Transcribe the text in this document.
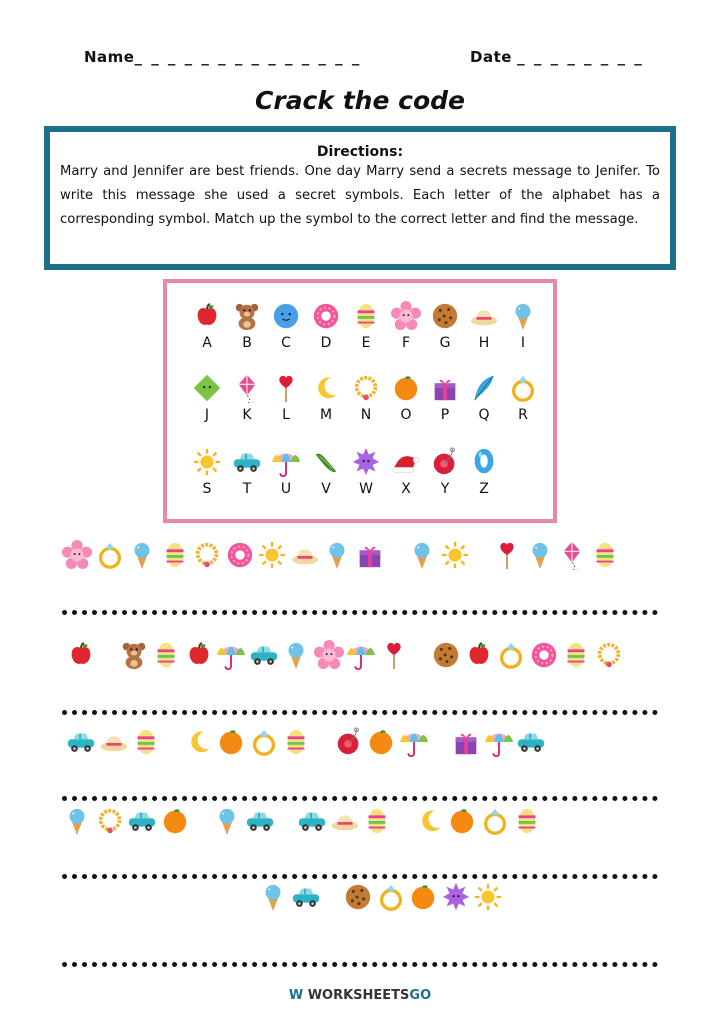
Name_ _ _ _ _ _ _ _ _ _ _ _ _ _	Date _ _ _ _ _ _ _ _
Crack the code
Directions:
Marry and Jennifer are best friends. One day Marry send a secrets message to Jenifer. To write this message she used a secret symbols. Each letter of the alphabet has a corresponding symbol. Match up the symbol to the correct letter and find the message.
A	B	C	D	E	F	G	H	I
J	K	L	M	N	O	P	Q	R
S	T	U	V	W	X	Y	Z
W WORKSHEETSGO
